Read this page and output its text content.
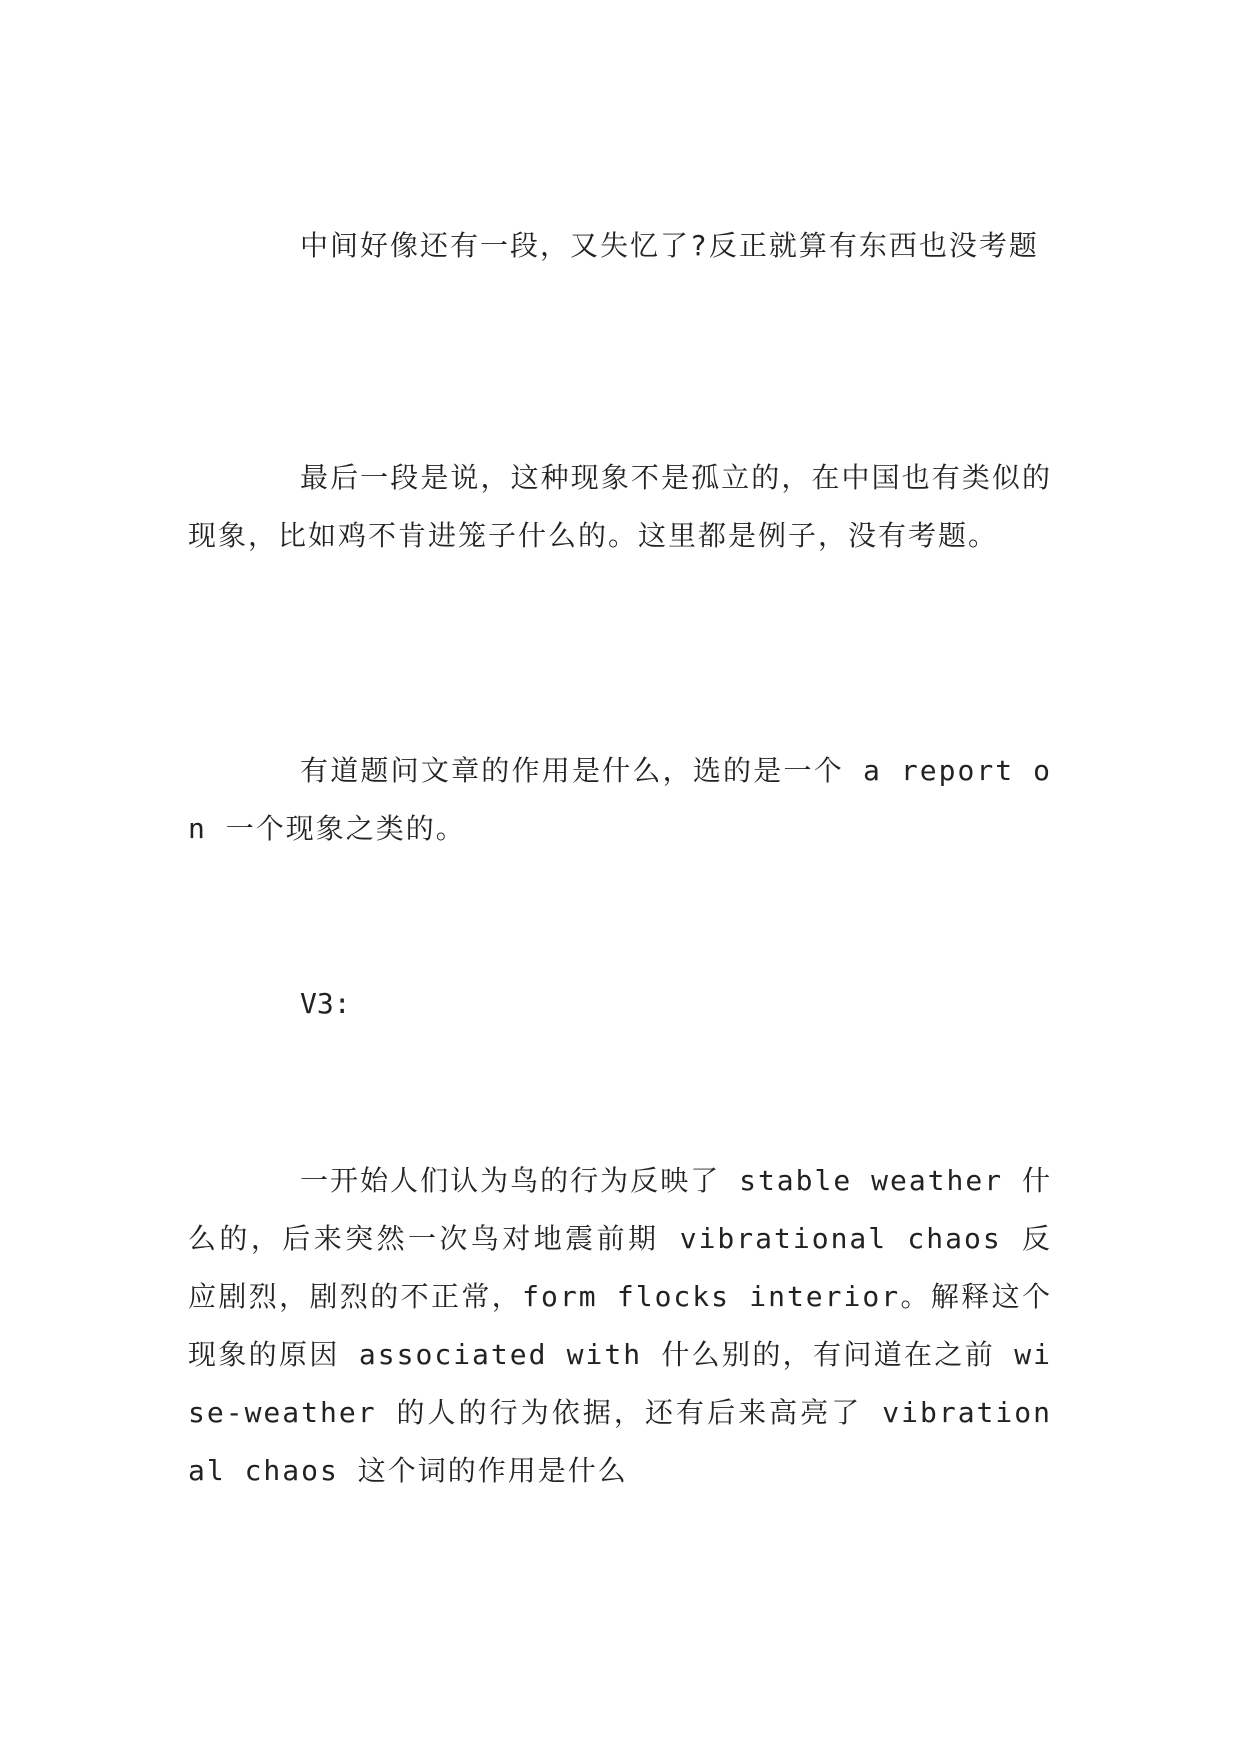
中间好像还有一段，又失忆了?反正就算有东西也没考题

最后一段是说，这种现象不是孤立的，在中国也有类似的现象，比如鸡不肯进笼子什么的。这里都是例子，没有考题。

有道题问文章的作用是什么，选的是一个 a report on 一个现象之类的。

V3:

一开始人们认为鸟的行为反映了 stable weather 什么的，后来突然一次鸟对地震前期 vibrational chaos 反应剧烈，剧烈的不正常，form flocks interior。解释这个现象的原因 associated with 什么别的，有问道在之前 wise-weather 的人的行为依据，还有后来高亮了 vibrational chaos 这个词的作用是什么
